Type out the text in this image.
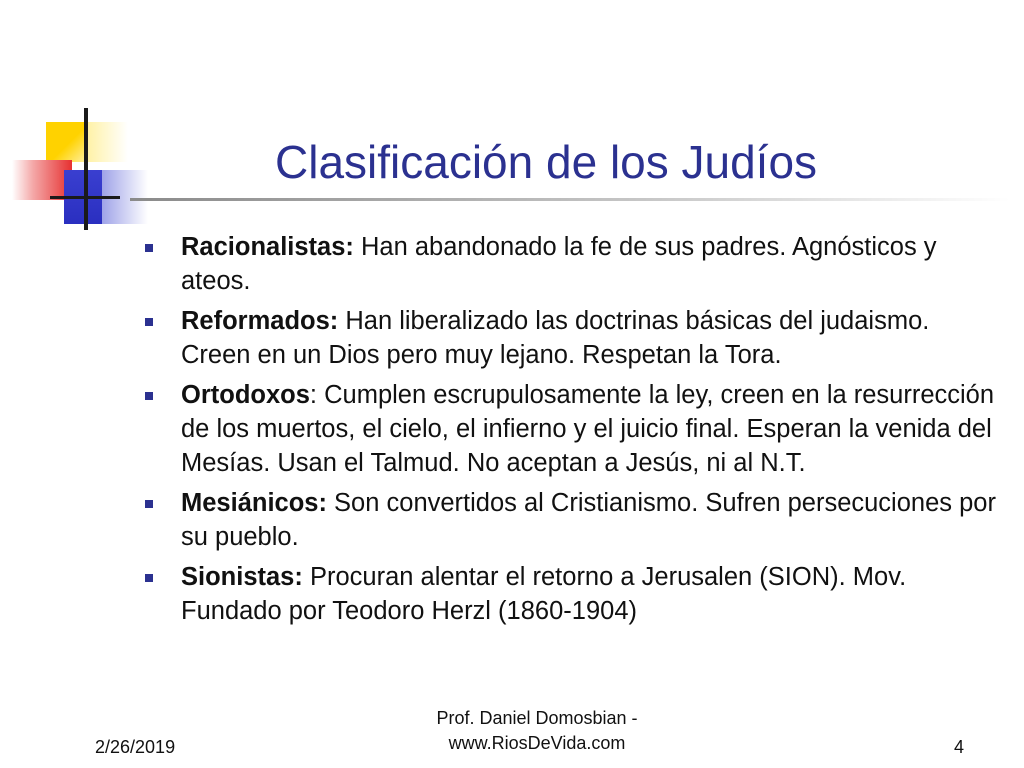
Clasificación de los Judíos
Racionalistas: Han abandonado la fe de sus padres. Agnósticos y ateos.
Reformados: Han liberalizado las doctrinas básicas del judaismo. Creen en un Dios pero muy lejano. Respetan la Tora.
Ortodoxos: Cumplen escrupulosamente la ley, creen en la resurrección de los muertos, el cielo, el infierno y el juicio final. Esperan la venida del Mesías. Usan el Talmud. No aceptan a Jesús, ni al N.T.
Mesiánicos: Son convertidos al Cristianismo. Sufren persecuciones por su pueblo.
Sionistas: Procuran alentar el retorno a Jerusalen (SION). Mov. Fundado por Teodoro Herzl (1860-1904)
2/26/2019
Prof. Daniel Domosbian -
www.RiosDeVida.com	4
